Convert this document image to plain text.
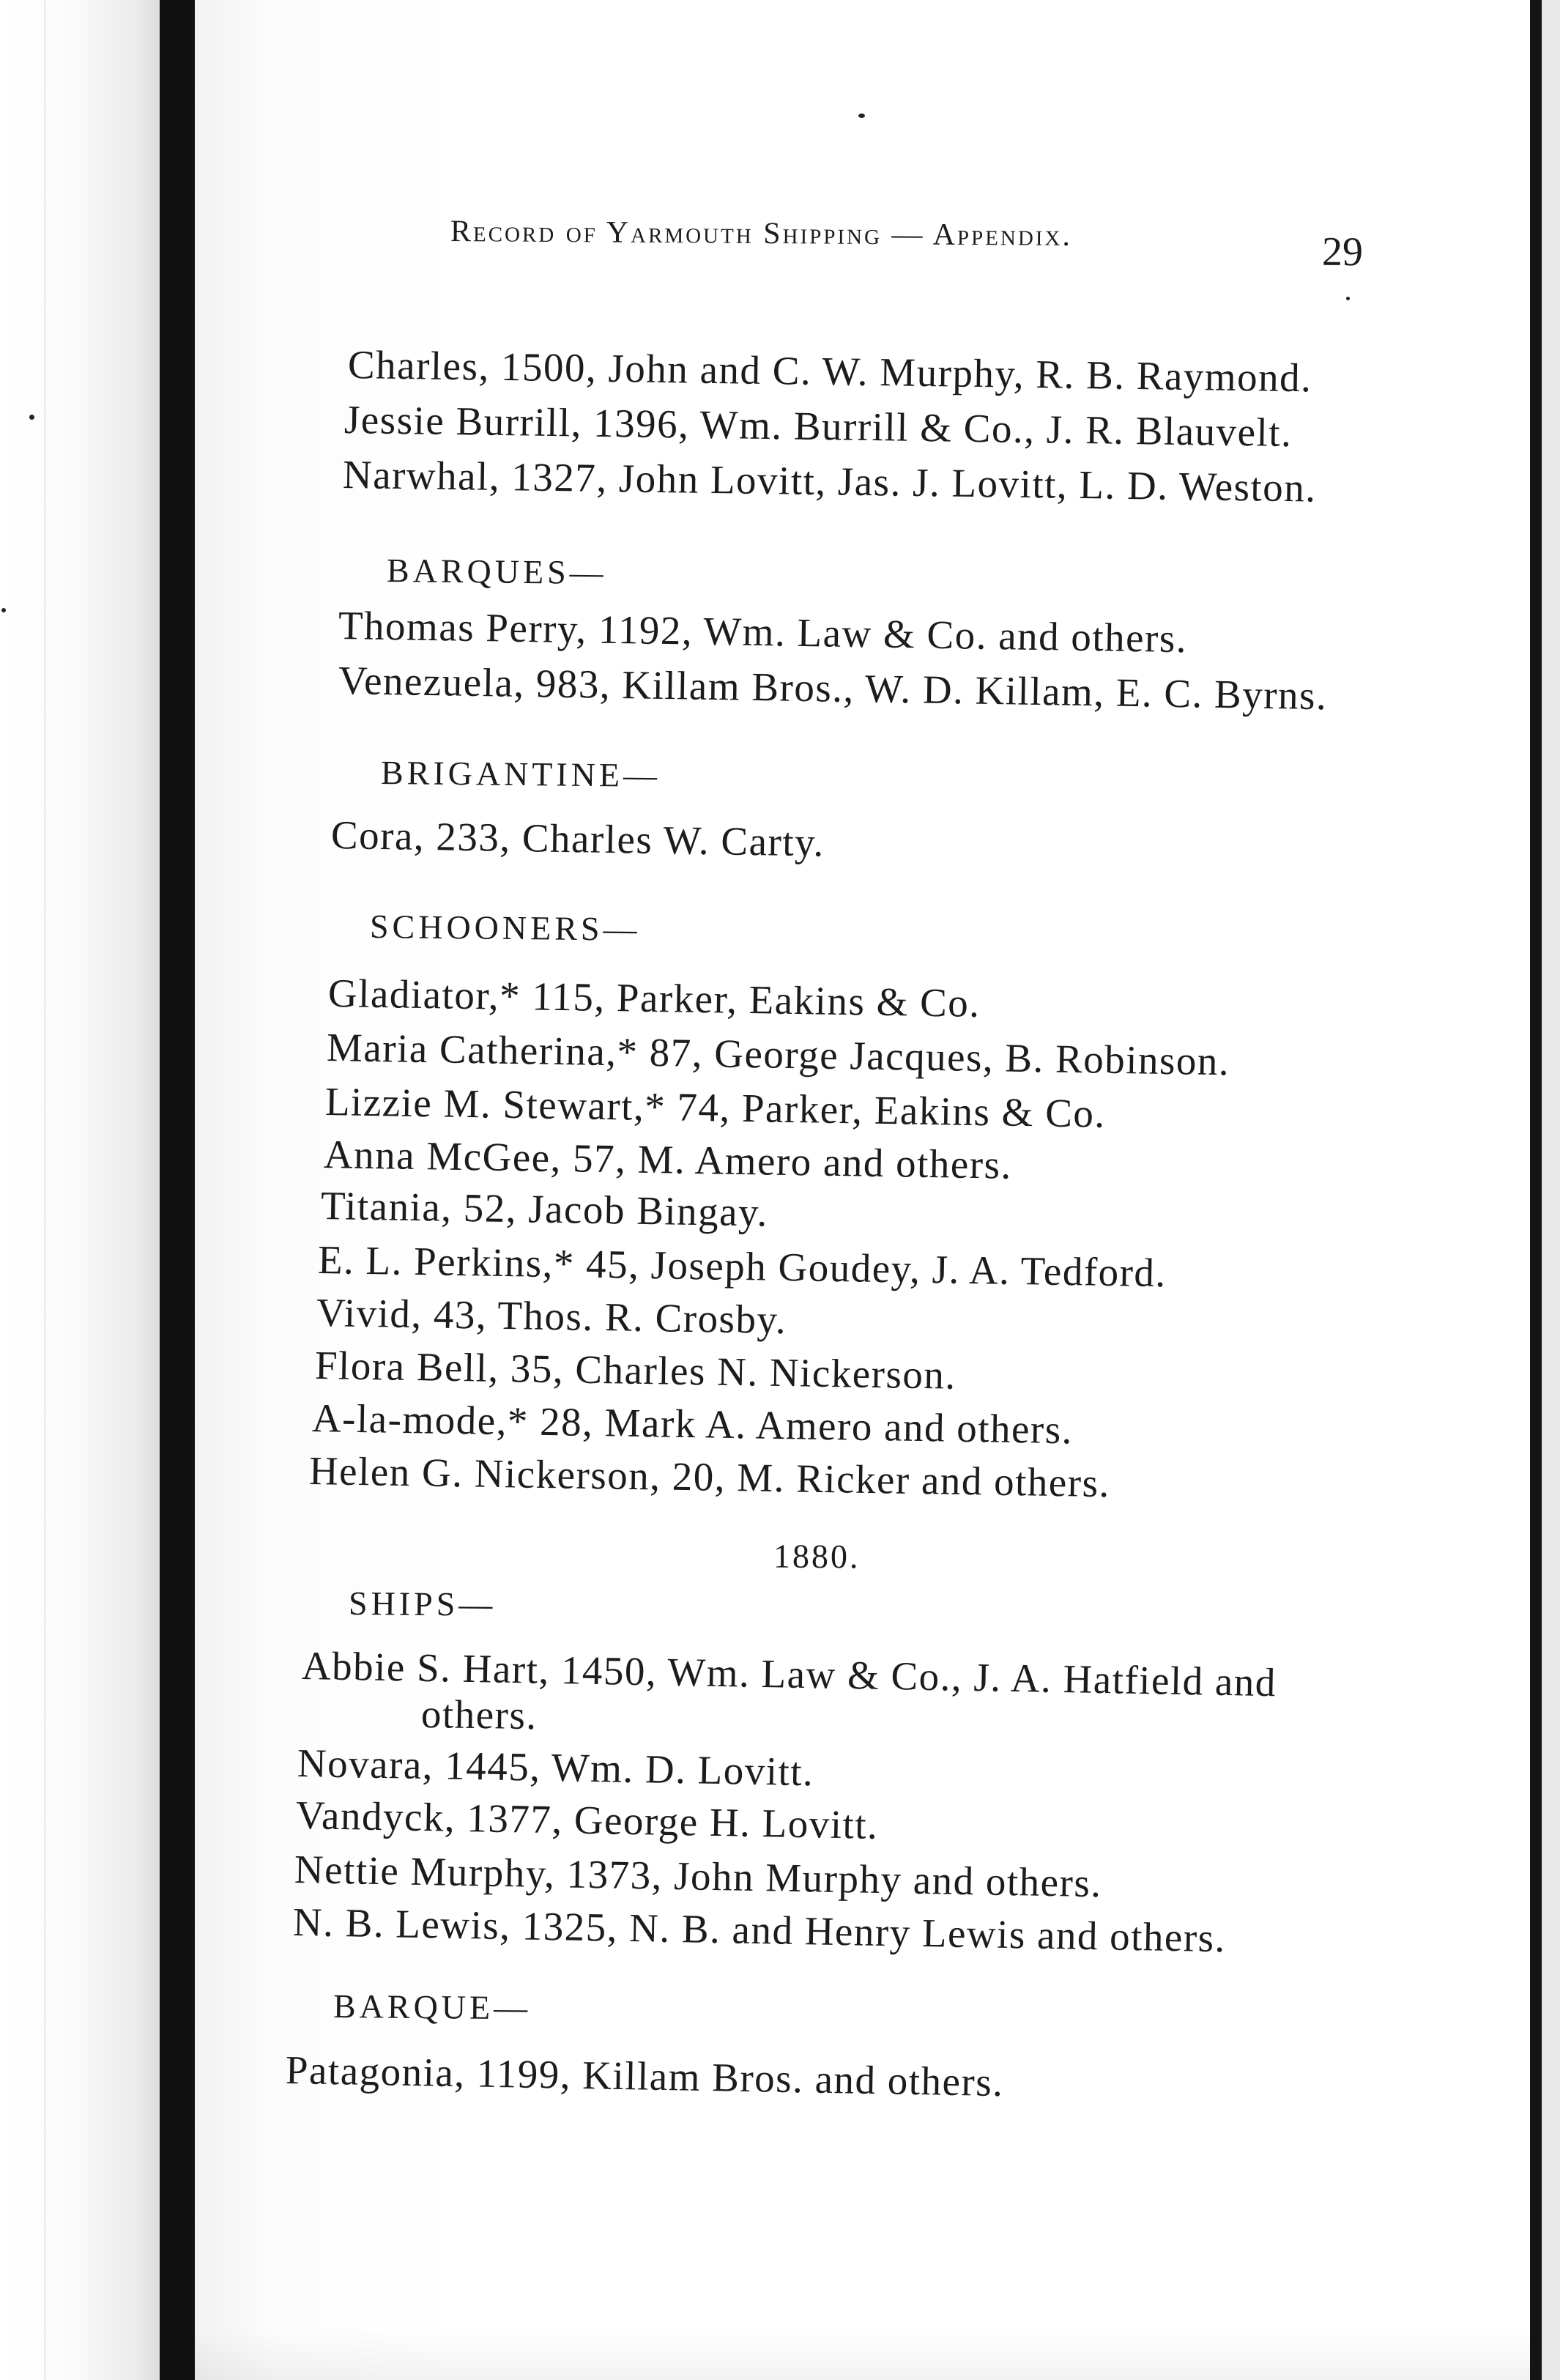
Record of Yarmouth Shipping — Appendix.	29
Charles, 1500, John and C. W. Murphy, R. B. Raymond.
Jessie Burrill, 1396, Wm. Burrill & Co., J. R. Blauvelt.
Narwhal, 1327, John Lovitt, Jas. J. Lovitt, L. D. Weston.
BARQUES—
Thomas Perry, 1192, Wm. Law & Co. and others.
Venezuela, 983, Killam Bros., W. D. Killam, E. C. Byrns.
BRIGANTINE—
Cora, 233, Charles W. Carty.
SCHOONERS—
Gladiator,* 115, Parker, Eakins & Co.
Maria Catherina,* 87, George Jacques, B. Robinson.
Lizzie M. Stewart,* 74, Parker, Eakins & Co.
Anna McGee, 57, M. Amero and others.
Titania, 52, Jacob Bingay.
E. L. Perkins,* 45, Joseph Goudey, J. A. Tedford.
Vivid, 43, Thos. R. Crosby.
Flora Bell, 35, Charles N. Nickerson.
A-la-mode,* 28, Mark A. Amero and others.
Helen G. Nickerson, 20, M. Ricker and others.
1880.
SHIPS—
Abbie S. Hart, 1450, Wm. Law & Co., J. A. Hatfield and
others.
Novara, 1445, Wm. D. Lovitt.
Vandyck, 1377, George H. Lovitt.
Nettie Murphy, 1373, John Murphy and others.
N. B. Lewis, 1325, N. B. and Henry Lewis and others.
BARQUE—
Patagonia, 1199, Killam Bros. and others.
